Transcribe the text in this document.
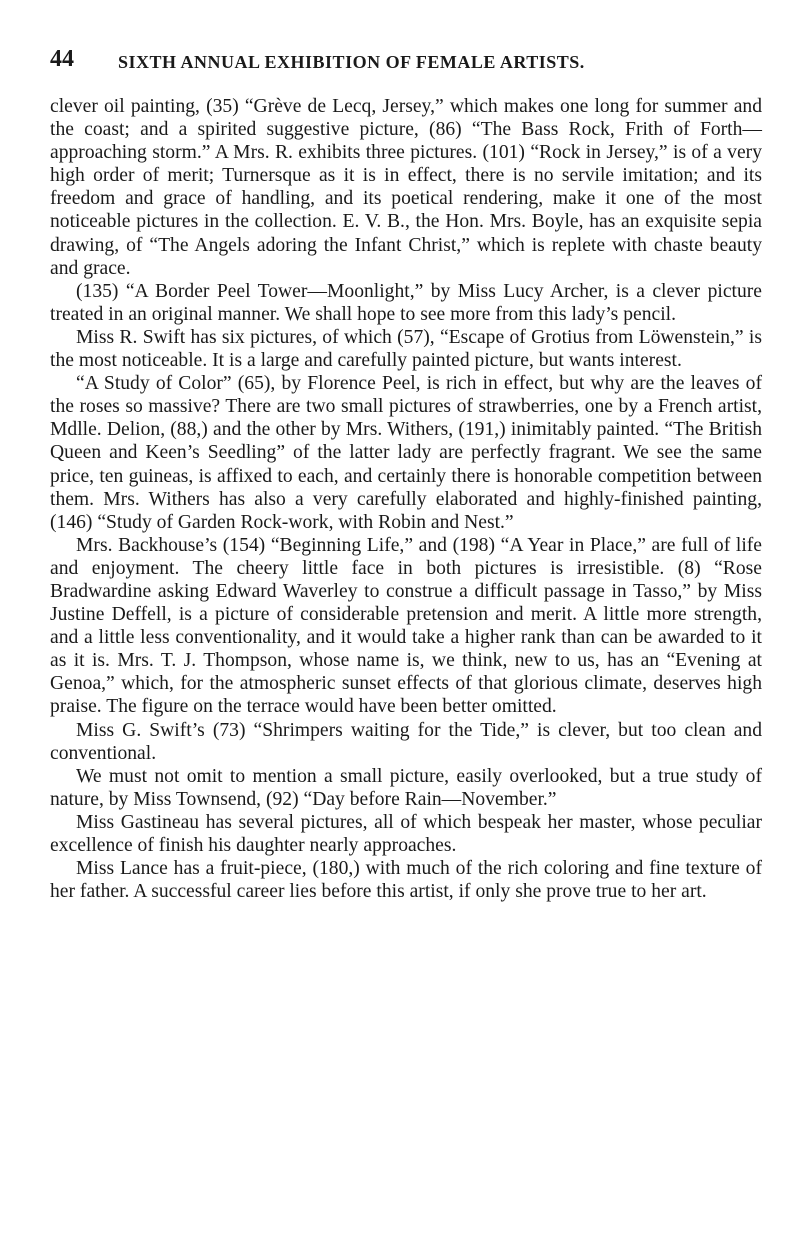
44 SIXTH ANNUAL EXHIBITION OF FEMALE ARTISTS.

clever oil painting, (35) “Grève de Lecq, Jersey,” which makes one long for summer and the coast; and a spirited suggestive picture, (86) “The Bass Rock, Frith of Forth—approaching storm.” A Mrs. R. exhibits three pictures. (101) “Rock in Jersey,” is of a very high order of merit; Turnersque as it is in effect, there is no servile imitation; and its freedom and grace of handling, and its poetical rendering, make it one of the most noticeable pictures in the collection. E. V. B., the Hon. Mrs. Boyle, has an exquisite sepia drawing, of “The Angels adoring the Infant Christ,” which is replete with chaste beauty and grace.

(135) “A Border Peel Tower—Moonlight,” by Miss Lucy Archer, is a clever picture treated in an original manner. We shall hope to see more from this lady’s pencil.

Miss R. Swift has six pictures, of which (57), “Escape of Grotius from Löwenstein,” is the most noticeable. It is a large and carefully painted picture, but wants interest.

“A Study of Color” (65), by Florence Peel, is rich in effect, but why are the leaves of the roses so massive? There are two small pictures of strawberries, one by a French artist, Mdlle. Delion, (88,) and the other by Mrs. Withers, (191,) inimitably painted. “The British Queen and Keen’s Seedling” of the latter lady are perfectly fragrant. We see the same price, ten guineas, is affixed to each, and certainly there is honorable competition between them. Mrs. Withers has also a very carefully elaborated and highly-finished painting, (146) “Study of Garden Rock-work, with Robin and Nest.”

Mrs. Backhouse’s (154) “Beginning Life,” and (198) “A Year in Place,” are full of life and enjoyment. The cheery little face in both pictures is irresistible. (8) “Rose Bradwardine asking Edward Waverley to construe a difficult passage in Tasso,” by Miss Justine Deffell, is a picture of considerable pretension and merit. A little more strength, and a little less conventionality, and it would take a higher rank than can be awarded to it as it is. Mrs. T. J. Thompson, whose name is, we think, new to us, has an “Evening at Genoa,” which, for the atmospheric sunset effects of that glorious climate, deserves high praise. The figure on the terrace would have been better omitted.

Miss G. Swift’s (73) “Shrimpers waiting for the Tide,” is clever, but too clean and conventional.

We must not omit to mention a small picture, easily overlooked, but a true study of nature, by Miss Townsend, (92) “Day before Rain—November.”

Miss Gastineau has several pictures, all of which bespeak her master, whose peculiar excellence of finish his daughter nearly approaches.

Miss Lance has a fruit-piece, (180,) with much of the rich coloring and fine texture of her father. A successful career lies before this artist, if only she prove true to her art.
